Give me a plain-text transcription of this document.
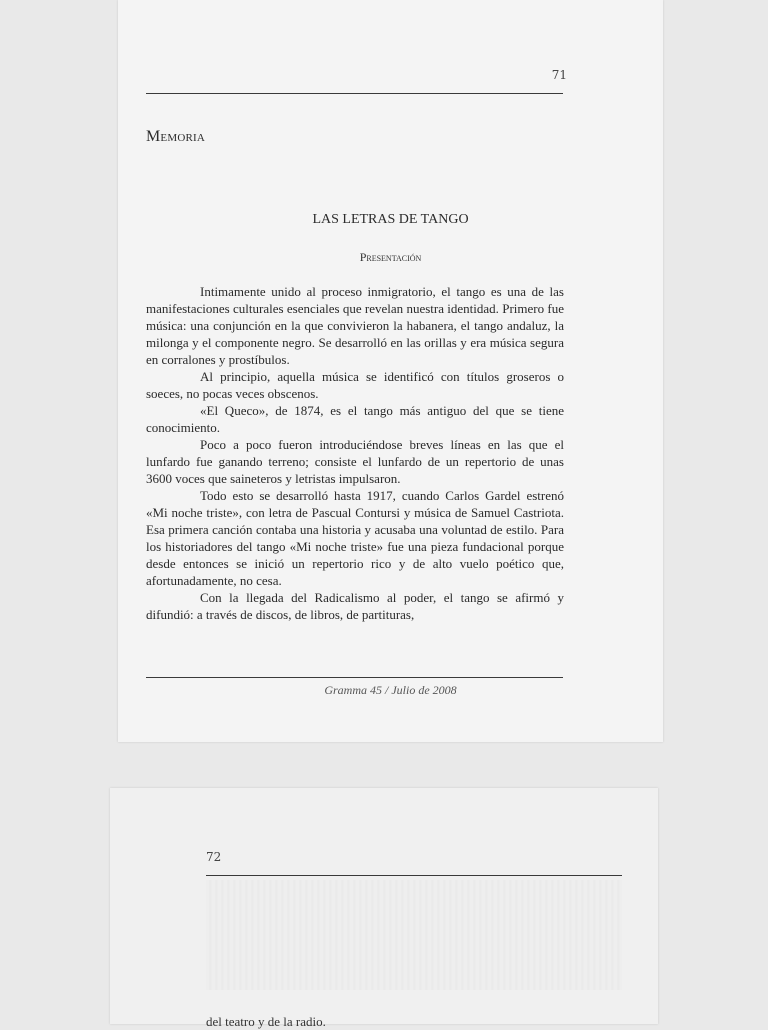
71
Memoria
LAS LETRAS DE TANGO
Presentación

Intimamente unido al proceso inmigratorio, el tango es una de las manifestaciones culturales esenciales que revelan nuestra identidad. Primero fue música: una conjunción en la que convivieron la habanera, el tango andaluz, la milonga y el componente negro. Se desarrolló en las orillas y era música segura en corralones y prostíbulos.

Al principio, aquella música se identificó con títulos groseros o soeces, no pocas veces obscenos.

«El Queco», de 1874, es el tango más antiguo del que se tiene conocimiento.

Poco a poco fueron introduciéndose breves líneas en las que el lunfardo fue ganando terreno; consiste el lunfardo de un repertorio de unas 3600 voces que saineteros y letristas impulsaron.

Todo esto se desarrolló hasta 1917, cuando Carlos Gardel estrenó «Mi noche triste», con letra de Pascual Contursi y música de Samuel Castriota. Esa primera canción contaba una historia y acusaba una voluntad de estilo. Para los historiadores del tango «Mi noche triste» fue una pieza fundacional porque desde entonces se inició un repertorio rico y de alto vuelo poético que, afortunadamente, no cesa.

Con la llegada del Radicalismo al poder, el tango se afirmó y difundió: a través de discos, de libros, de partituras,

Gramma 45 / Julio de 2008
72
del teatro y de la radio.
